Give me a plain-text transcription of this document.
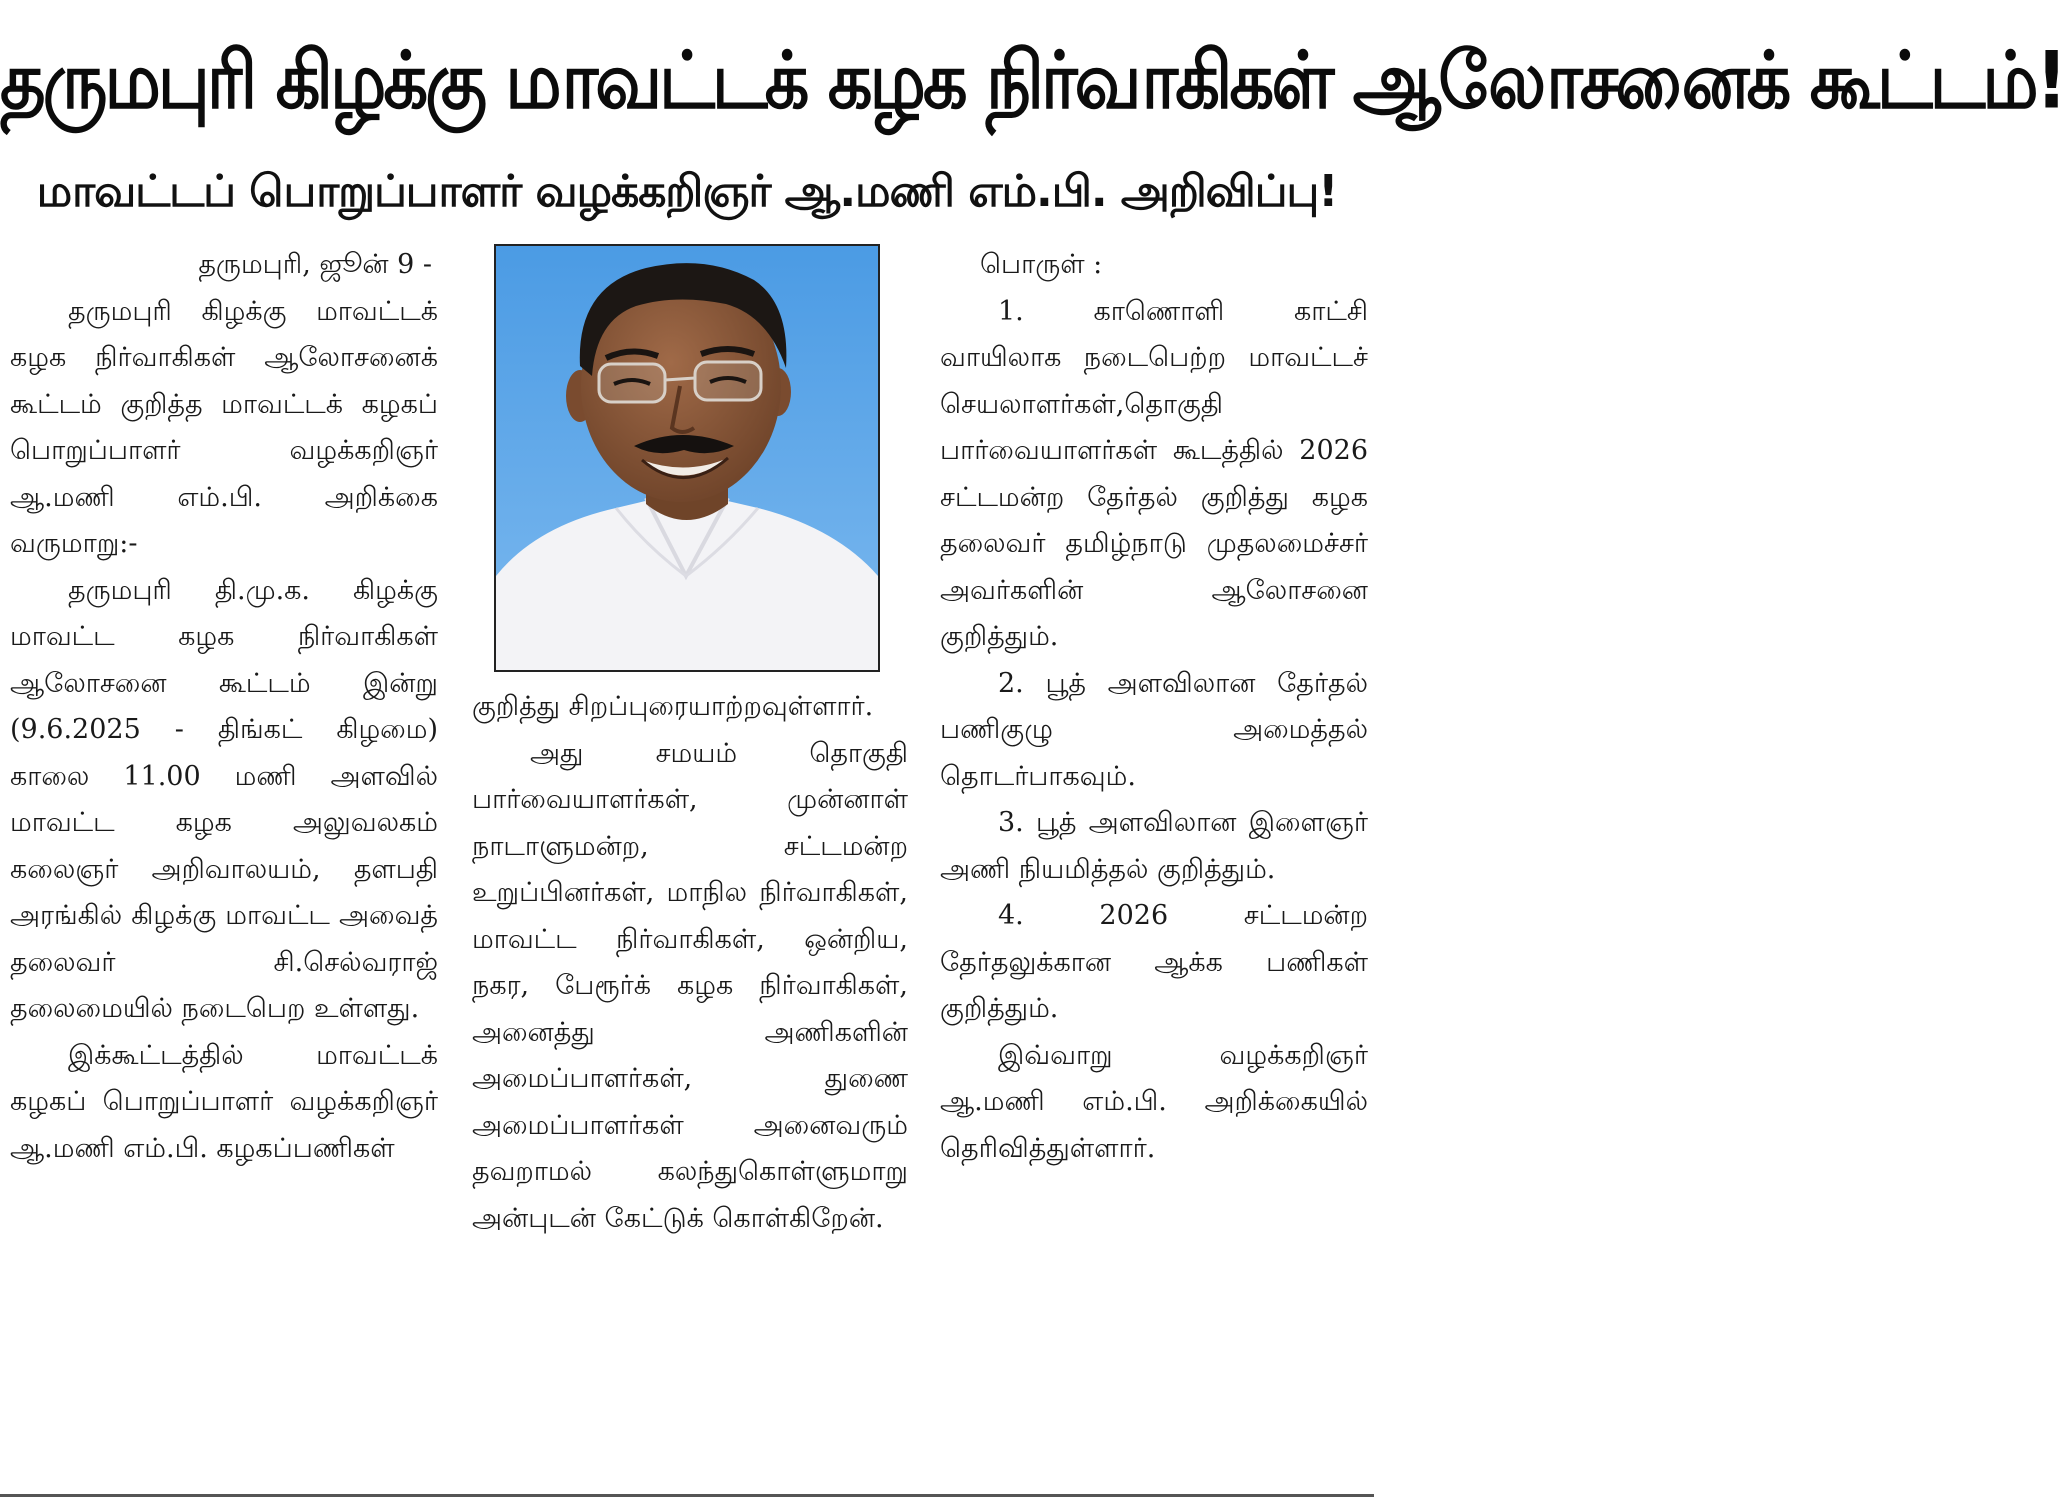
தருமபுரி கிழக்கு மாவட்டக் கழக நிர்வாகிகள் ஆலோசனைக் கூட்டம்!
மாவட்டப் பொறுப்பாளர் வழக்கறிஞர் ஆ.மணி எம்.பி. அறிவிப்பு!

தருமபுரி, ஜூன் 9 -

தருமபுரி கிழக்கு மாவட்டக் கழக நிர்வாகிகள் ஆலோசனைக் கூட்டம் குறித்த மாவட்டக் கழகப் பொறுப்பாளர் வழக்கறிஞர் ஆ.மணி எம்.பி. அறிக்கை வருமாறு:-

தருமபுரி தி.மு.க. கிழக்கு மாவட்ட கழக நிர்வாகிகள் ஆலோசனை கூட்டம் இன்று (9.6.2025 - திங்கட் கிழமை) காலை 11.00 மணி அளவில் மாவட்ட கழக அலுவலகம் கலைஞர் அறிவாலயம், தளபதி அரங்கில் கிழக்கு மாவட்ட அவைத் தலைவர் சி.செல்வராஜ் தலைமையில் நடைபெற உள்ளது.

இக்கூட்டத்தில் மாவட்டக் கழகப் பொறுப்பாளர் வழக்கறிஞர் ஆ.மணி எம்.பி. கழகப்பணிகள்

குறித்து சிறப்புரையாற்றவுள்ளார்.

அது சமயம் தொகுதி பார்வையாளர்கள், முன்னாள் நாடாளுமன்ற, சட்டமன்ற உறுப்பினர்கள், மாநில நிர்வாகிகள், மாவட்ட நிர்வாகிகள், ஒன்றிய, நகர, பேரூர்க் கழக நிர்வாகிகள், அனைத்து அணிகளின் அமைப்பாளர்கள், துணை அமைப்பாளர்கள் அனைவரும் தவறாமல் கலந்துகொள்ளுமாறு அன்புடன் கேட்டுக் கொள்கிறேன்.

பொருள் :

1. காணொளி காட்சி வாயிலாக நடைபெற்ற மாவட்டச் செயலாளர்கள்,தொகுதி பார்வையாளர்கள் கூடத்தில் 2026 சட்டமன்ற தேர்தல் குறித்து கழக தலைவர் தமிழ்நாடு முதலமைச்சர் அவர்களின் ஆலோசனை குறித்தும்.

2. பூத் அளவிலான தேர்தல் பணிகுழு அமைத்தல் தொடர்பாகவும்.

3. பூத் அளவிலான இளைஞர் அணி நியமித்தல் குறித்தும்.

4. 2026 சட்டமன்ற தேர்தலுக்கான ஆக்க பணிகள் குறித்தும்.

இவ்வாறு வழக்கறிஞர் ஆ.மணி எம்.பி. அறிக்கையில் தெரிவித்துள்ளார்.
